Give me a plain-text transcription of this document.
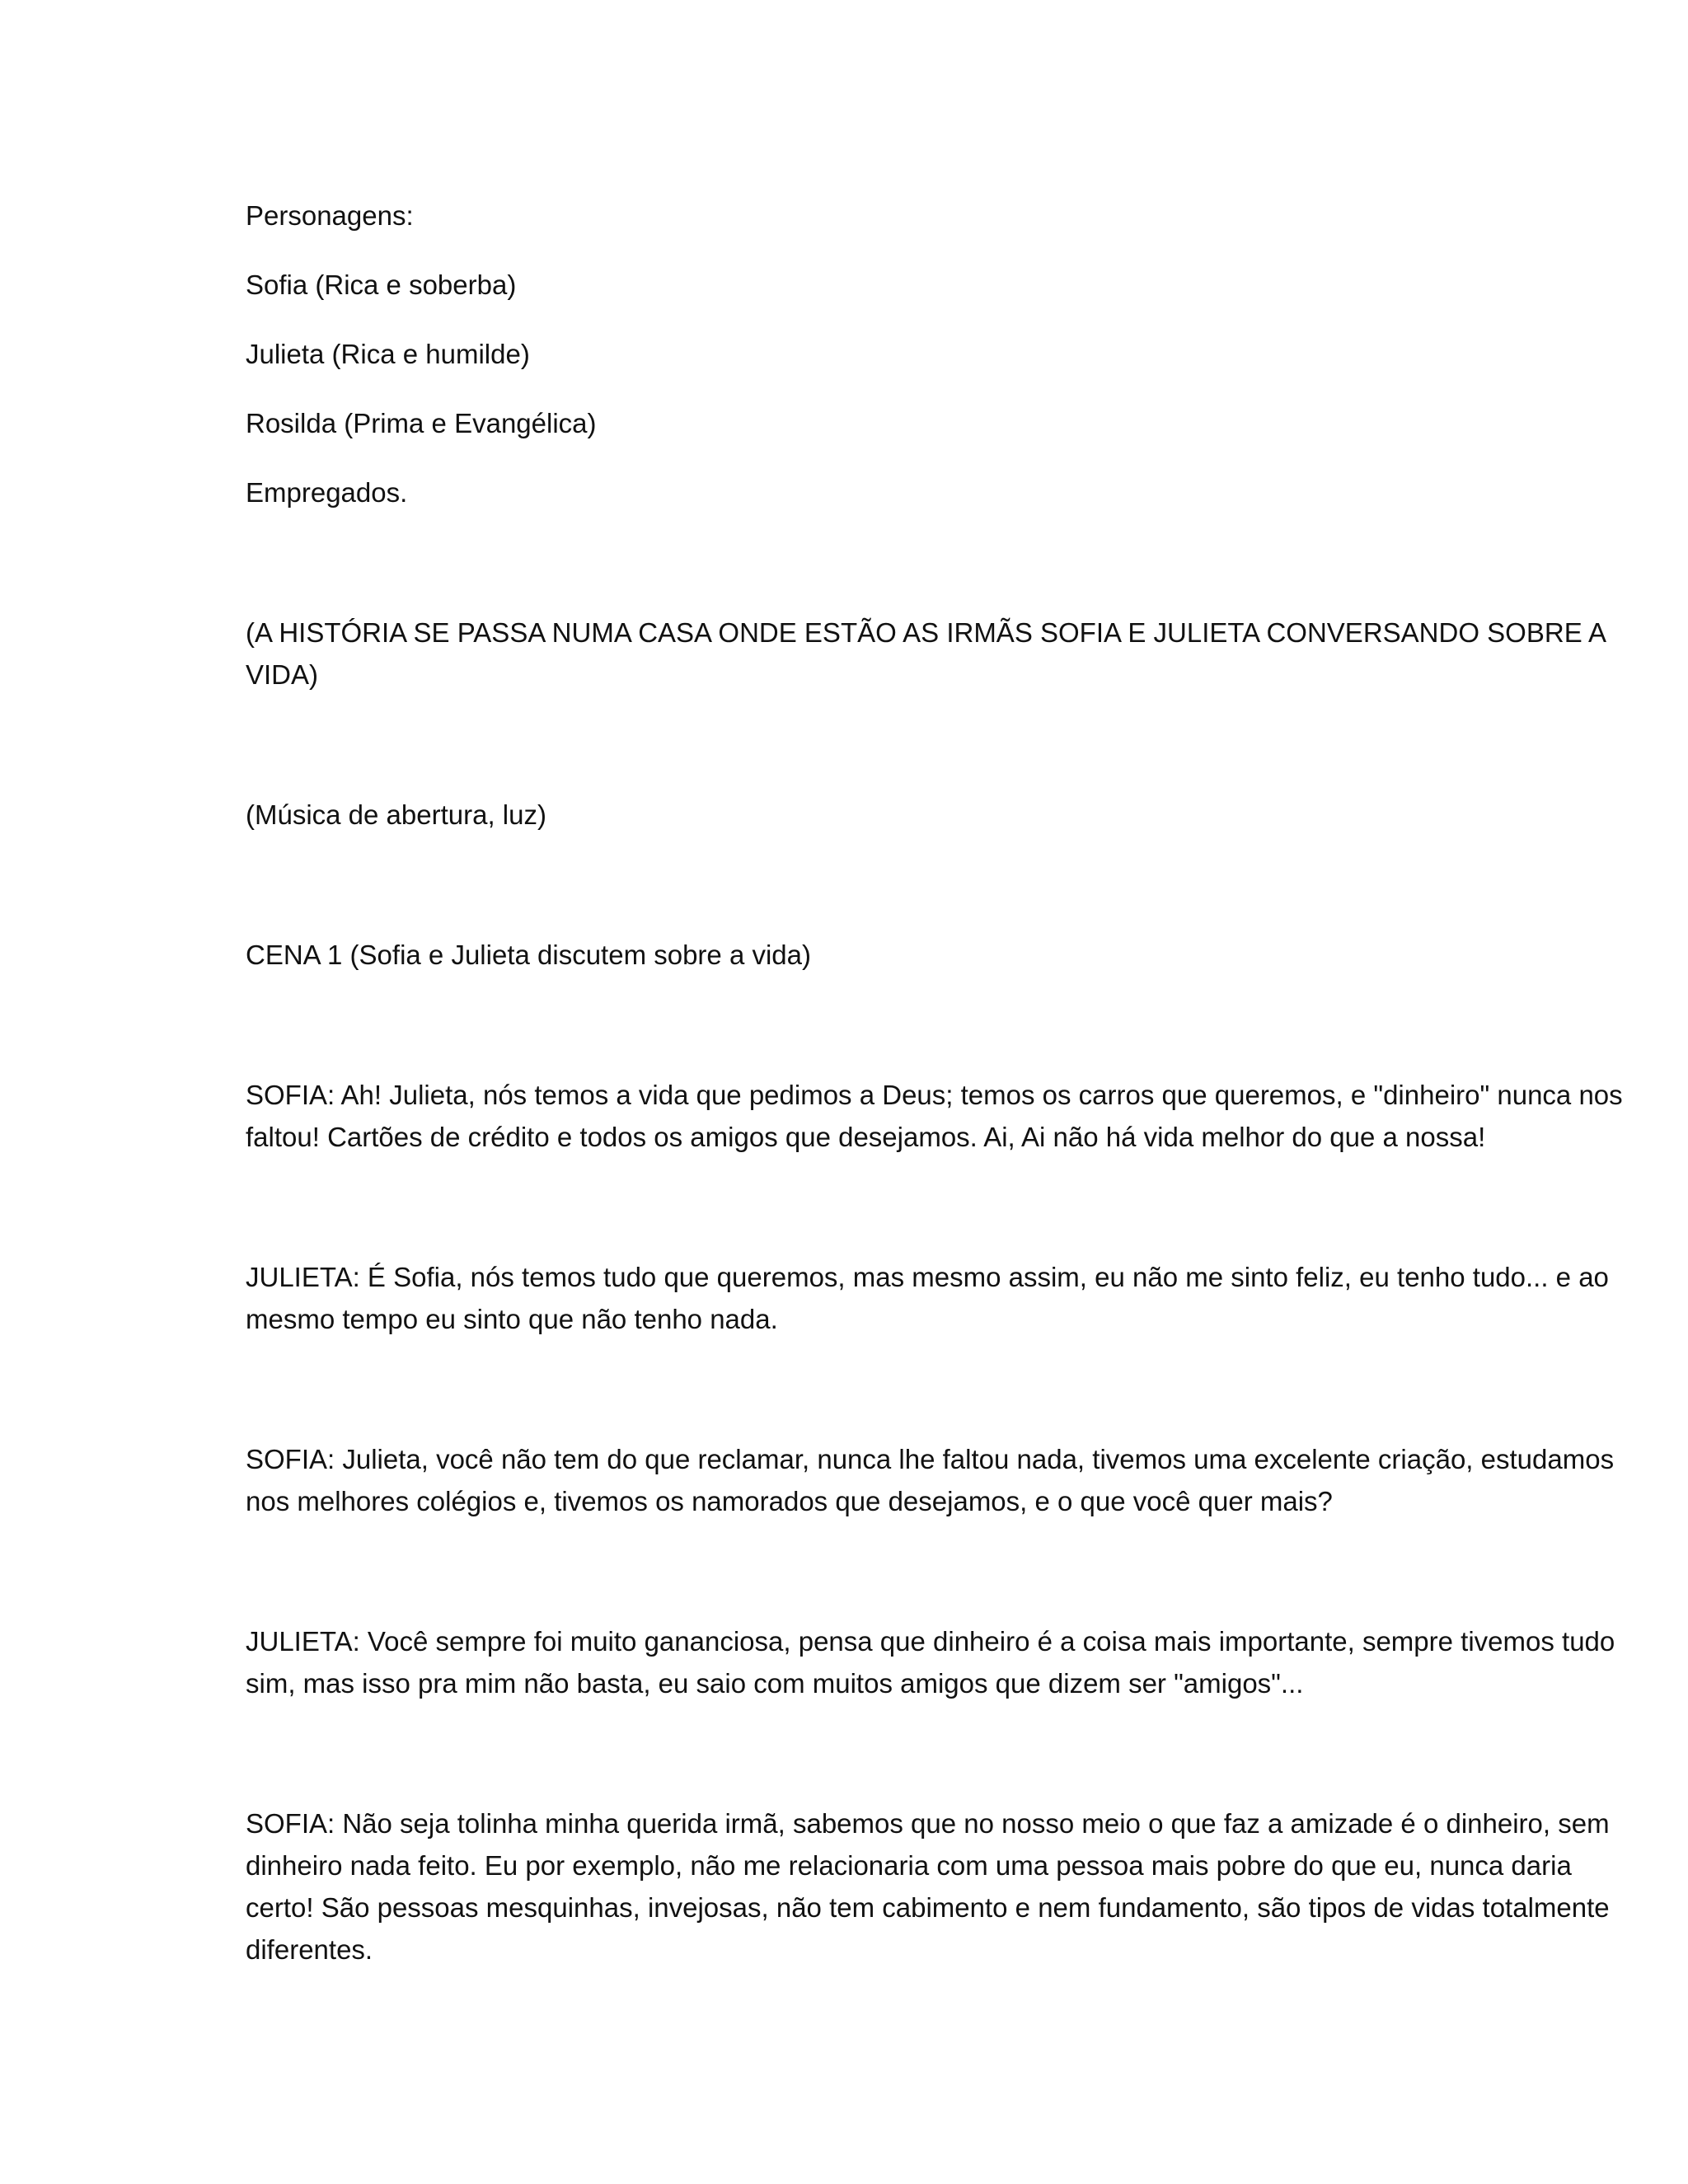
Personagens:

Sofia (Rica e soberba)

Julieta (Rica e humilde)

Rosilda (Prima e Evangélica)

Empregados.

(A HISTÓRIA SE PASSA NUMA CASA ONDE ESTÃO AS IRMÃS SOFIA E JULIETA CONVERSANDO SOBRE A VIDA)

(Música de abertura, luz)

CENA 1 (Sofia e Julieta discutem sobre a vida)

SOFIA: Ah! Julieta, nós temos a vida que pedimos a Deus; temos os carros que queremos, e "dinheiro" nunca nos faltou! Cartões de crédito e todos os amigos que desejamos. Ai, Ai não há vida melhor do que a nossa!

JULIETA: É Sofia, nós temos tudo que queremos, mas mesmo assim, eu não me sinto feliz, eu tenho tudo... e ao mesmo tempo eu sinto que não tenho nada.

SOFIA: Julieta, você não tem do que reclamar, nunca lhe faltou nada, tivemos uma excelente criação, estudamos nos melhores colégios e, tivemos os namorados que desejamos, e o que você quer mais?

JULIETA: Você sempre foi muito gananciosa, pensa que dinheiro é a coisa mais importante, sempre tivemos tudo sim, mas isso pra mim não basta, eu saio com muitos amigos que dizem ser "amigos"...

SOFIA: Não seja tolinha minha querida irmã, sabemos que no nosso meio o que faz a amizade é o dinheiro, sem dinheiro nada feito. Eu por exemplo, não me relacionaria com uma pessoa mais pobre do que eu, nunca daria certo! São pessoas mesquinhas, invejosas, não tem cabimento e nem fundamento, são tipos de vidas totalmente diferentes.
